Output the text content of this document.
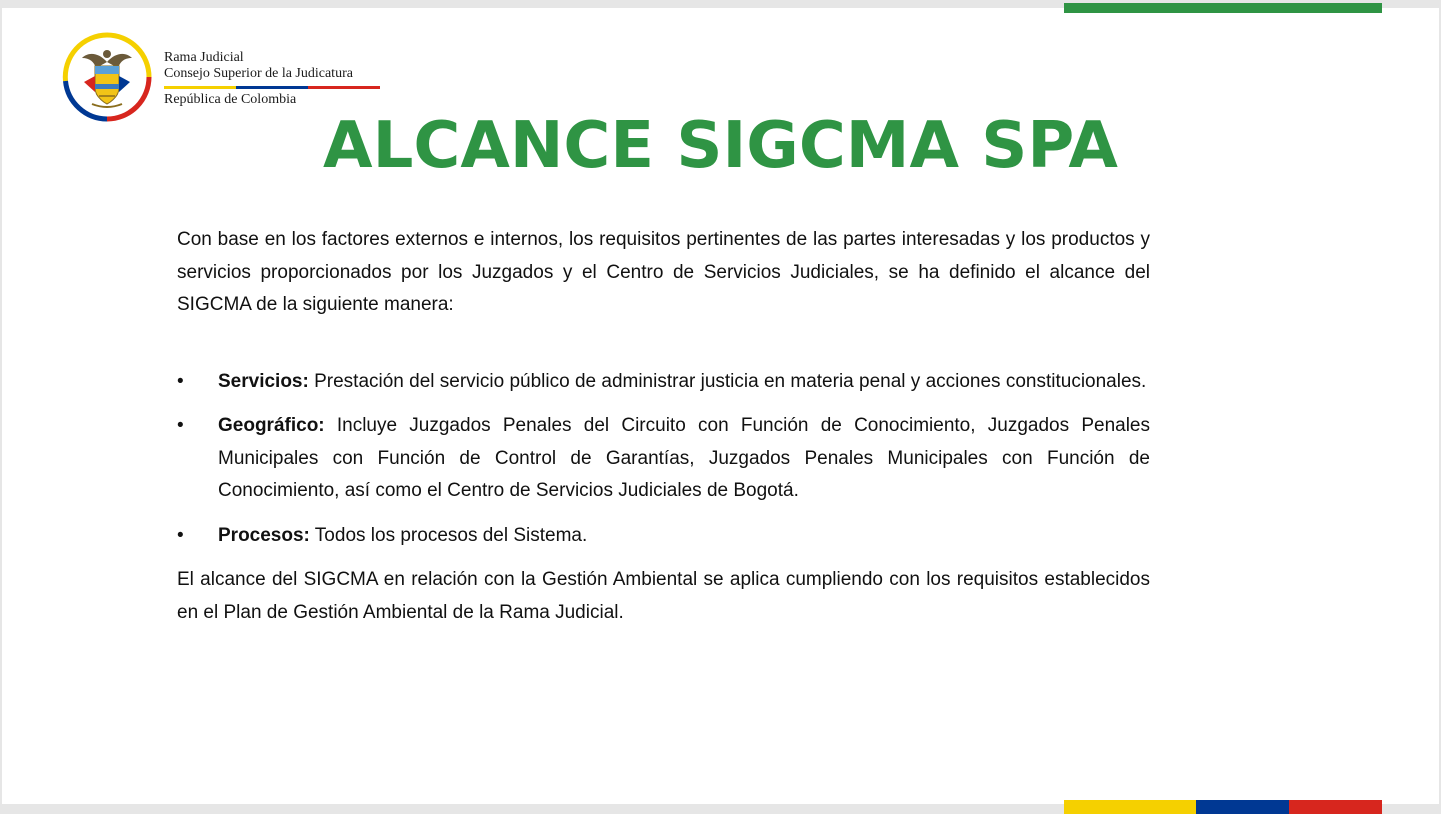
Rama Judicial
Consejo Superior de la Judicatura
República de Colombia
ALCANCE SIGCMA SPA

Con base en los factores externos e internos, los requisitos pertinentes de las partes interesadas y los productos y servicios proporcionados por los Juzgados y el Centro de Servicios Judiciales, se ha definido el alcance del SIGCMA de la siguiente manera:

• Servicios: Prestación del servicio público de administrar justicia en materia penal y acciones constitucionales.
• Geográfico: Incluye Juzgados Penales del Circuito con Función de Conocimiento, Juzgados Penales Municipales con Función de Control de Garantías, Juzgados Penales Municipales con Función de Conocimiento, así como el Centro de Servicios Judiciales de Bogotá.
• Procesos: Todos los procesos del Sistema.

El alcance del SIGCMA en relación con la Gestión Ambiental se aplica cumpliendo con los requisitos establecidos en el Plan de Gestión Ambiental de la Rama Judicial.
